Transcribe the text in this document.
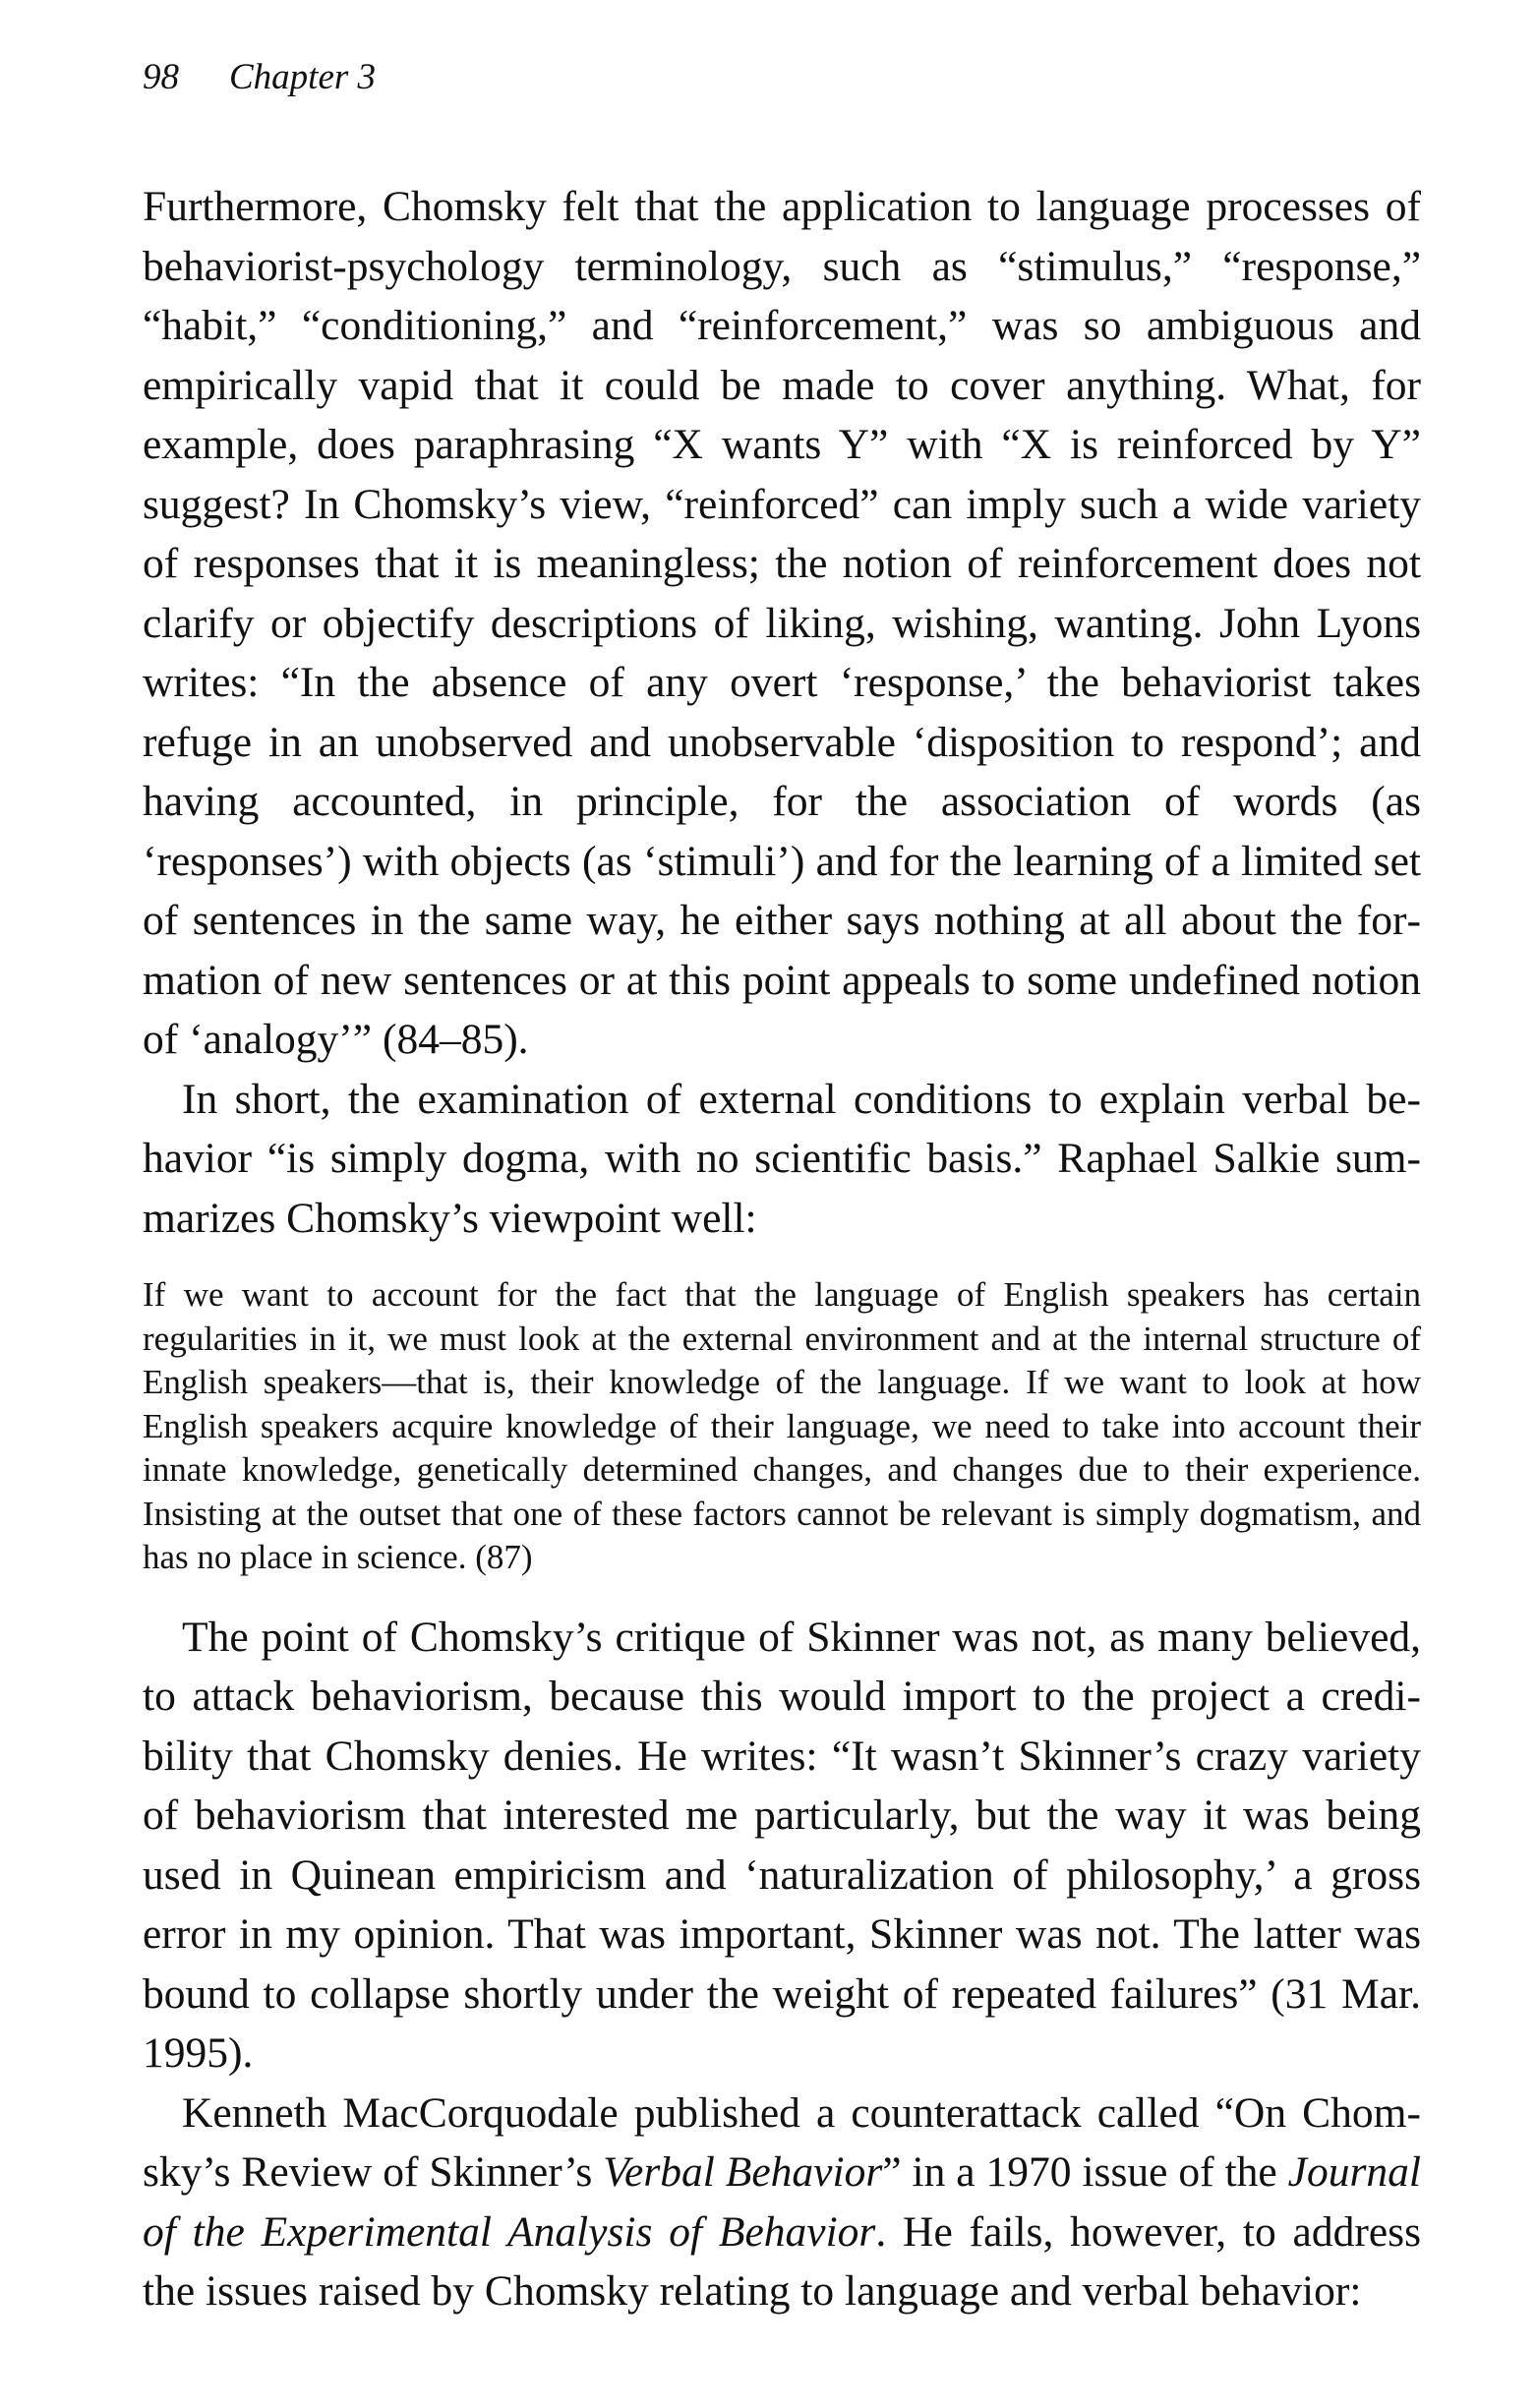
98 Chapter 3

Furthermore, Chomsky felt that the application to language processes of behaviorist-psychology terminology, such as “stimulus,” “response,” “habit,” “conditioning,” and “reinforcement,” was so ambiguous and empirically vapid that it could be made to cover anything. What, for example, does paraphrasing “X wants Y” with “X is reinforced by Y” suggest? In Chomsky’s view, “reinforced” can imply such a wide variety of responses that it is meaningless; the notion of reinforcement does not clarify or objectify descriptions of liking, wishing, wanting. John Lyons writes: “In the absence of any overt ‘response,’ the behaviorist takes refuge in an unobserved and unobservable ‘disposition to respond’; and having accounted, in principle, for the association of words (as ‘responses’) with objects (as ‘stimuli’) and for the learning of a limited set of sentences in the same way, he either says nothing at all about the formation of new sentences or at this point appeals to some undefined notion of ‘analogy’” (84–85).

In short, the examination of external conditions to explain verbal behavior “is simply dogma, with no scientific basis.” Raphael Salkie summarizes Chomsky’s viewpoint well:

If we want to account for the fact that the language of English speakers has certain regularities in it, we must look at the external environment and at the internal structure of English speakers—that is, their knowledge of the language. If we want to look at how English speakers acquire knowledge of their language, we need to take into account their innate knowledge, genetically determined changes, and changes due to their experience. Insisting at the outset that one of these factors cannot be relevant is simply dogmatism, and has no place in science. (87)

The point of Chomsky’s critique of Skinner was not, as many believed, to attack behaviorism, because this would import to the project a credibility that Chomsky denies. He writes: “It wasn’t Skinner’s crazy variety of behaviorism that interested me particularly, but the way it was being used in Quinean empiricism and ‘naturalization of philosophy,’ a gross error in my opinion. That was important, Skinner was not. The latter was bound to collapse shortly under the weight of repeated failures” (31 Mar. 1995).

Kenneth MacCorquodale published a counterattack called “On Chomsky’s Review of Skinner’s Verbal Behavior” in a 1970 issue of the Journal of the Experimental Analysis of Behavior. He fails, however, to address the issues raised by Chomsky relating to language and verbal behavior:
